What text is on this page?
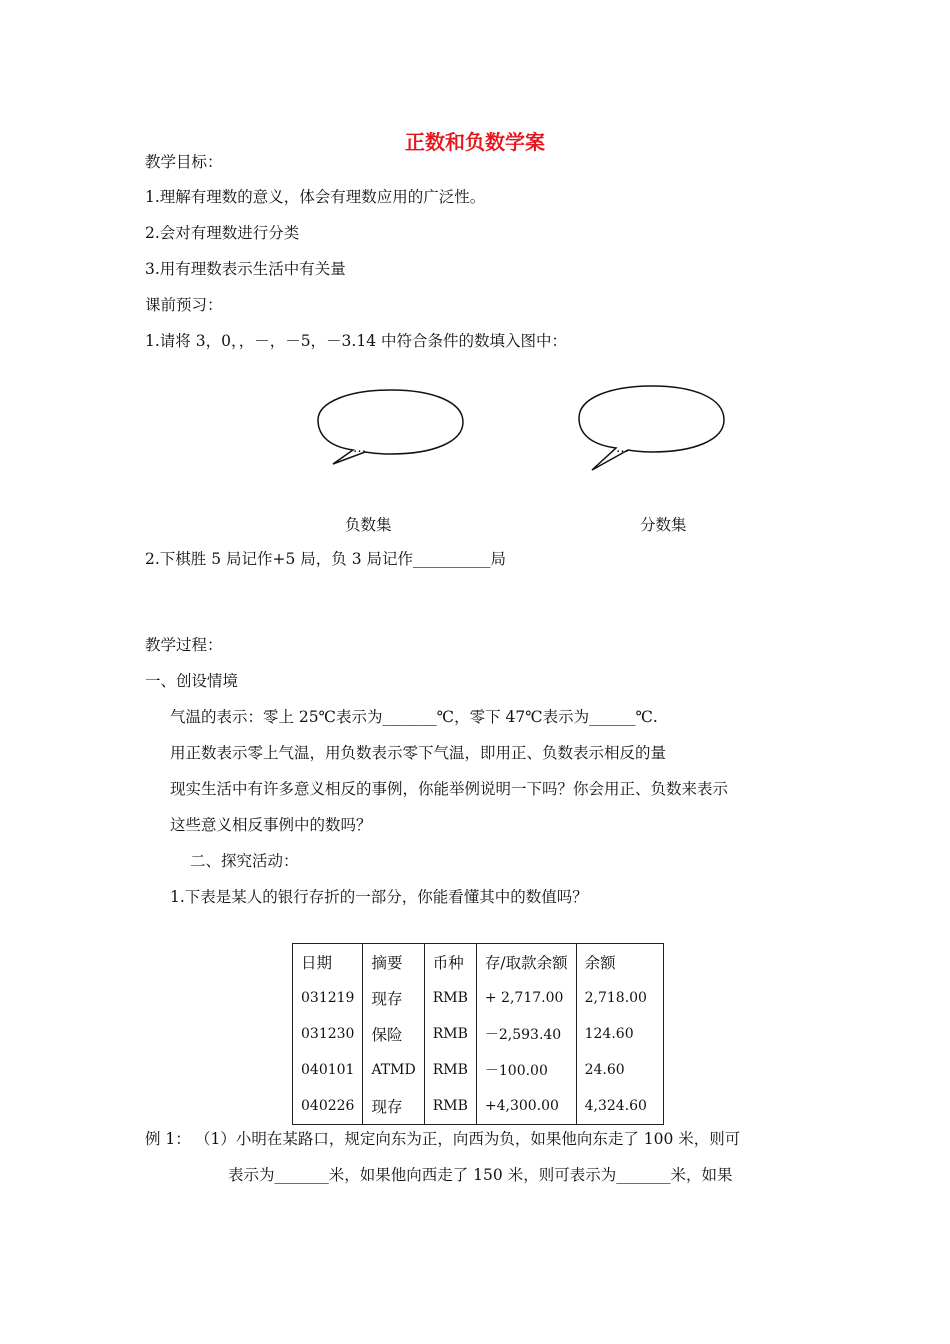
正数和负数学案
教学目标：
1.理解有理数的意义，体会有理数应用的广泛性。
2.会对有理数进行分类
3.用有理数表示生活中有关量
课前预习：
1.请将 3，0，，－，－5，－3.14 中符合条件的数填入图中：
…	…
负数集	分数集
2.下棋胜 5 局记作+5 局，负 3 局记作__________局
教学过程：
一、创设情境
气温的表示：零上 25℃表示为_______℃，零下 47℃表示为______℃.
用正数表示零上气温，用负数表示零下气温，即用正、负数表示相反的量
现实生活中有许多意义相反的事例，你能举例说明一下吗？你会用正、负数来表示
这些意义相反事例中的数吗？
二、探究活动：
1.下表是某人的银行存折的一部分，你能看懂其中的数值吗？
日期	摘要	币种	存/取款余额	余额
031219	现存	RMB	+ 2,717.00	2,718.00
031230	保险	RMB	－2,593.40	124.60
040101	ATMD	RMB	－100.00	24.60
040226	现存	RMB	+4,300.00	4,324.60
例 1： （1）小明在某路口，规定向东为正，向西为负，如果他向东走了 100 米，则可
表示为_______米，如果他向西走了 150 米，则可表示为_______米，如果
